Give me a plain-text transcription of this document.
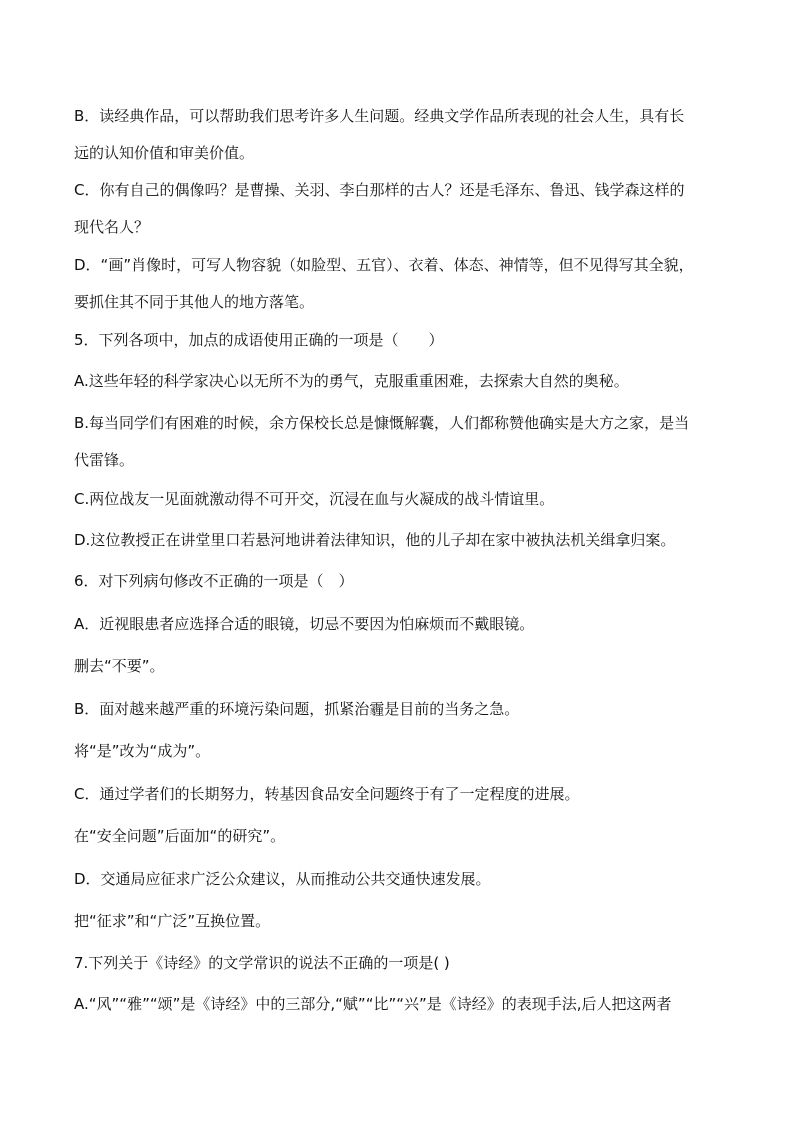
B．读经典作品，可以帮助我们思考许多人生问题。经典文学作品所表现的社会人生，具有长
远的认知价值和审美价值。
C．你有自己的偶像吗？是曹操、关羽、李白那样的古人？还是毛泽东、鲁迅、钱学森这样的
现代名人？
D．“画”肖像时，可写人物容貌（如脸型、五官）、衣着、体态、神情等，但不见得写其全貌，
要抓住其不同于其他人的地方落笔。
5．下列各项中，加点的成语使用正确的一项是（　　）
A.这些年轻的科学家决心以无所不为的勇气，克服重重困难，去探索大自然的奥秘。
B.每当同学们有困难的时候，余方保校长总是慷慨解囊，人们都称赞他确实是大方之家，是当
代雷锋。
C.两位战友一见面就激动得不可开交，沉浸在血与火凝成的战斗情谊里。
D.这位教授正在讲堂里口若悬河地讲着法律知识，他的儿子却在家中被执法机关缉拿归案。
6．对下列病句修改不正确的一项是（　）
A．近视眼患者应选择合适的眼镜，切忌不要因为怕麻烦而不戴眼镜。
删去“不要”。
B．面对越来越严重的环境污染问题，抓紧治霾是目前的当务之急。
将“是”改为“成为”。
C．通过学者们的长期努力，转基因食品安全问题终于有了一定程度的进展。
在“安全问题”后面加“的研究”。
D．交通局应征求广泛公众建议，从而推动公共交通快速发展。
把“征求”和“广泛”互换位置。
7.下列关于《诗经》的文学常识的说法不正确的一项是( )
A.“风”“雅”“颂”是《诗经》中的三部分,“赋”“比”“兴”是《诗经》的表现手法,后人把这两者
